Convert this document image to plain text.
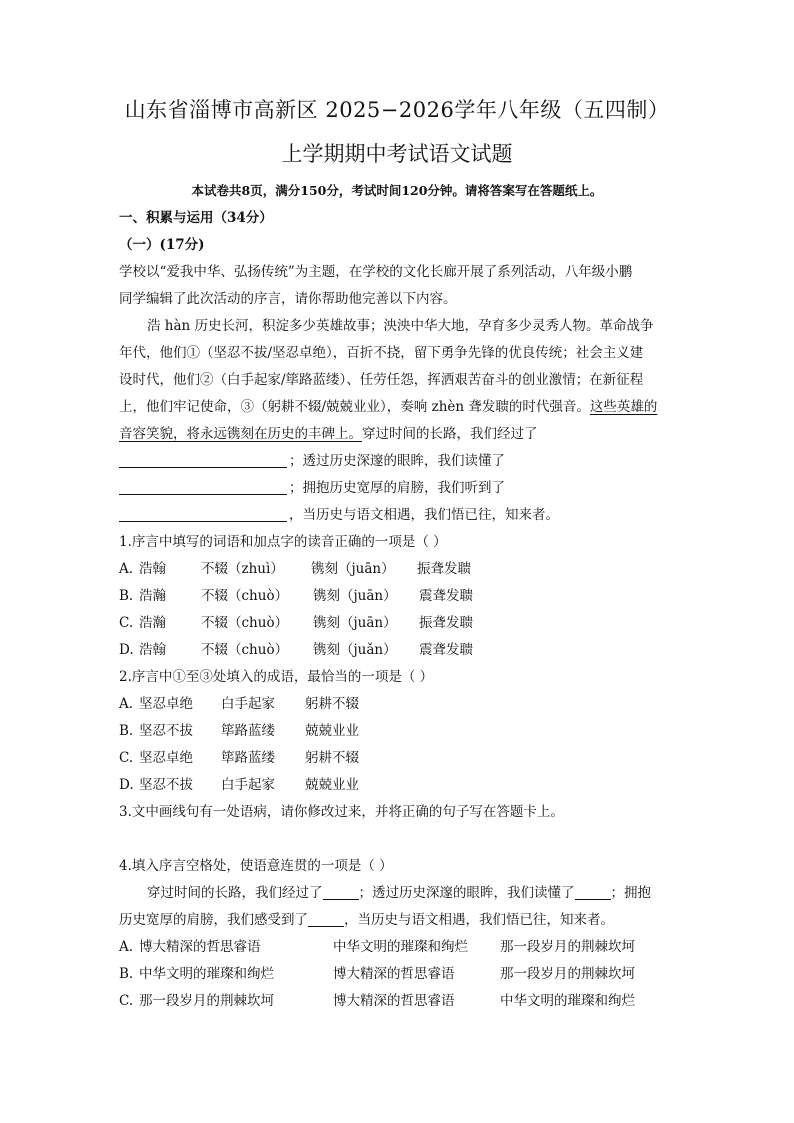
山东省淄博市高新区 2025−2026学年八年级（五四制）
上学期期中考试语文试题
本试卷共8页，满分150分，考试时间120分钟。请将答案写在答题纸上。
一、积累与运用（34分）
（一）(17分)
学校以“爱我中华、弘扬传统”为主题，在学校的文化长廊开展了系列活动，八年级小鹏
同学编辑了此次活动的序言，请你帮助他完善以下内容。
浩 hàn 历史长河，积淀多少英雄故事；泱泱中华大地，孕育多少灵秀人物。革命战争
年代，他们①（坚忍不拔/坚忍卓绝），百折不挠，留下勇争先锋的优良传统；社会主义建
设时代，他们②（白手起家/筚路蓝缕）、任劳任怨，挥洒艰苦奋斗的创业激情；在新征程
上，他们牢记使命，③（躬耕不辍/兢兢业业），奏响 zhèn 聋发聩的时代强音。这些英雄的
音容笑貌，将永远镌刻在历史的丰碑上。穿过时间的长路，我们经过了
；透过历史深邃的眼眸，我们读懂了
；拥抱历史宽厚的肩膀，我们听到了
，当历史与语文相遇，我们悟已往，知来者。
1.序言中填写的词语和加点字的读音正确的一项是（ ）
A. 浩翰	不辍（zhuì）	镌刻（juān）	振聋发聩
B. 浩瀚	不辍（chuò）	镌刻（juān）	震聋发聩
C. 浩瀚	不辍（chuò）	镌刻（juān）	振聋发聩
D. 浩翰	不辍（chuò）	镌刻（juǎn）	震聋发聩
2.序言中①至③处填入的成语，最恰当的一项是（ ）
A. 坚忍卓绝	白手起家	躬耕不辍
B. 坚忍不拔	筚路蓝缕	兢兢业业
C. 坚忍卓绝	筚路蓝缕	躬耕不辍
D. 坚忍不拔	白手起家	兢兢业业
3.文中画线句有一处语病，请你修改过来，并将正确的句子写在答题卡上。
4.填入序言空格处，使语意连贯的一项是（ ）
穿过时间的长路，我们经过了	；透过历史深邃的眼眸，我们读懂了	；拥抱
历史宽厚的肩膀，我们感受到了	，当历史与语文相遇，我们悟已往，知来者。
A. 博大精深的哲思睿语	中华文明的璀璨和绚烂	那一段岁月的荆棘坎坷
B. 中华文明的璀璨和绚烂	博大精深的哲思睿语	那一段岁月的荆棘坎坷
C. 那一段岁月的荆棘坎坷	博大精深的哲思睿语	中华文明的璀璨和绚烂
